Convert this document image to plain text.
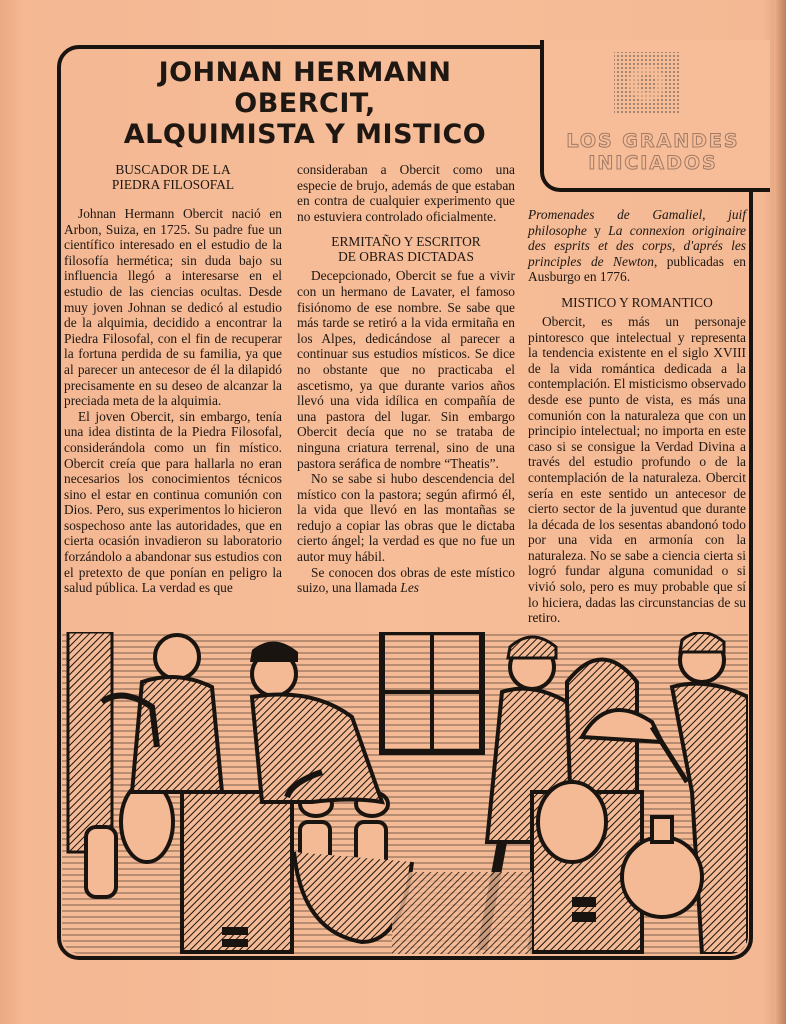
JOHNAN HERMANN
OBERCIT,
ALQUIMISTA Y MISTICO	LOS GRANDES
INICIADOS
BUSCADOR DE LA
PIEDRA FILOSOFAL

Johnan Hermann Obercit nació en Arbon, Suiza, en 1725. Su padre fue un científico interesado en el estudio de la filosofía hermética; sin duda bajo su influencia llegó a interesarse en el estudio de las ciencias ocultas. Desde muy joven Johnan se dedicó al estudio de la alquimia, decidido a encontrar la Piedra Filosofal, con el fin de recuperar la fortuna perdida de su familia, ya que al parecer un antecesor de él la dilapidó precisamente en su deseo de alcanzar la preciada meta de la alquimia.

El joven Obercit, sin embargo, tenía una idea distinta de la Piedra Filosofal, considerándola como un fin místico. Obercit creía que para hallarla no eran necesarios los conocimientos técnicos sino el estar en continua comunión con Dios. Pero, sus experimentos lo hicieron sospechoso ante las autoridades, que en cierta ocasión invadieron su laboratorio forzándolo a abandonar sus estudios con el pretexto de que ponían en peligro la salud pública. La verdad es que

consideraban a Obercit como una especie de brujo, además de que estaban en contra de cualquier experimento que no estuviera controlado oficialmente.

ERMITAÑO Y ESCRITOR
DE OBRAS DICTADAS

Decepcionado, Obercit se fue a vivir con un hermano de Lavater, el famoso fisiónomo de ese nombre. Se sabe que más tarde se retiró a la vida ermitaña en los Alpes, dedicándose al parecer a continuar sus estudios místicos. Se dice no obstante que no practicaba el ascetismo, ya que durante varios años llevó una vida idílica en compañía de una pastora del lugar. Sin embargo Obercit decía que no se trataba de ninguna criatura terrenal, sino de una pastora seráfica de nombre “Theatis”.

No se sabe si hubo descendencia del místico con la pastora; según afirmó él, la vida que llevó en las montañas se redujo a copiar las obras que le dictaba cierto ángel; la verdad es que no fue un autor muy hábil.

Se conocen dos obras de este místico suizo, una llamada Les

Promenades de Gamaliel, juif philosophe y La connexion originaire des esprits et des corps, d'aprés les principles de Newton, publicadas en Ausburgo en 1776.

MISTICO Y ROMANTICO

Obercit, es más un personaje pintoresco que intelectual y representa la tendencia existente en el siglo XVIII de la vida romántica dedicada a la contemplación. El misticismo observado desde ese punto de vista, es más una comunión con la naturaleza que con un principio intelectual; no importa en este caso si se consigue la Verdad Divina a través del estudio profundo o de la contemplación de la naturaleza. Obercit sería en este sentido un antecesor de cierto sector de la juventud que durante la década de los sesentas abandonó todo por una vida en armonía con la naturaleza. No se sabe a ciencia cierta si logró fundar alguna comunidad o si vivió solo, pero es muy probable que sí lo hiciera, dadas las circunstancias de su retiro.
